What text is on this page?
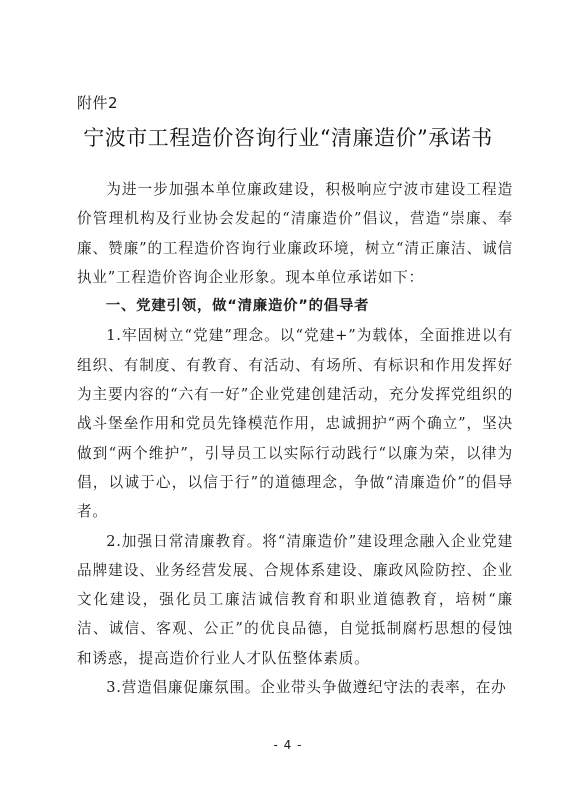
附件2
宁波市工程造价咨询行业“清廉造价”承诺书

为进一步加强本单位廉政建设，积极响应宁波市建设工程造价管理机构及行业协会发起的“清廉造价”倡议，营造“崇廉、奉廉、赞廉”的工程造价咨询行业廉政环境，树立“清正廉洁、诚信执业”工程造价咨询企业形象。现本单位承诺如下：

一、党建引领，做“清廉造价”的倡导者

1.牢固树立“党建”理念。以“党建+”为载体，全面推进以有组织、有制度、有教育、有活动、有场所、有标识和作用发挥好为主要内容的“六有一好”企业党建创建活动，充分发挥党组织的战斗堡垒作用和党员先锋模范作用，忠诚拥护“两个确立”，坚决做到“两个维护”，引导员工以实际行动践行“以廉为荣，以律为倡，以诚于心，以信于行”的道德理念，争做“清廉造价”的倡导者。

2.加强日常清廉教育。将“清廉造价”建设理念融入企业党建品牌建设、业务经营发展、合规体系建设、廉政风险防控、企业文化建设，强化员工廉洁诚信教育和职业道德教育，培树“廉洁、诚信、客观、公正”的优良品德，自觉抵制腐朽思想的侵蚀和诱惑，提高造价行业人才队伍整体素质。

3.营造倡廉促廉氛围。企业带头争做遵纪守法的表率，在办

- 4 -
